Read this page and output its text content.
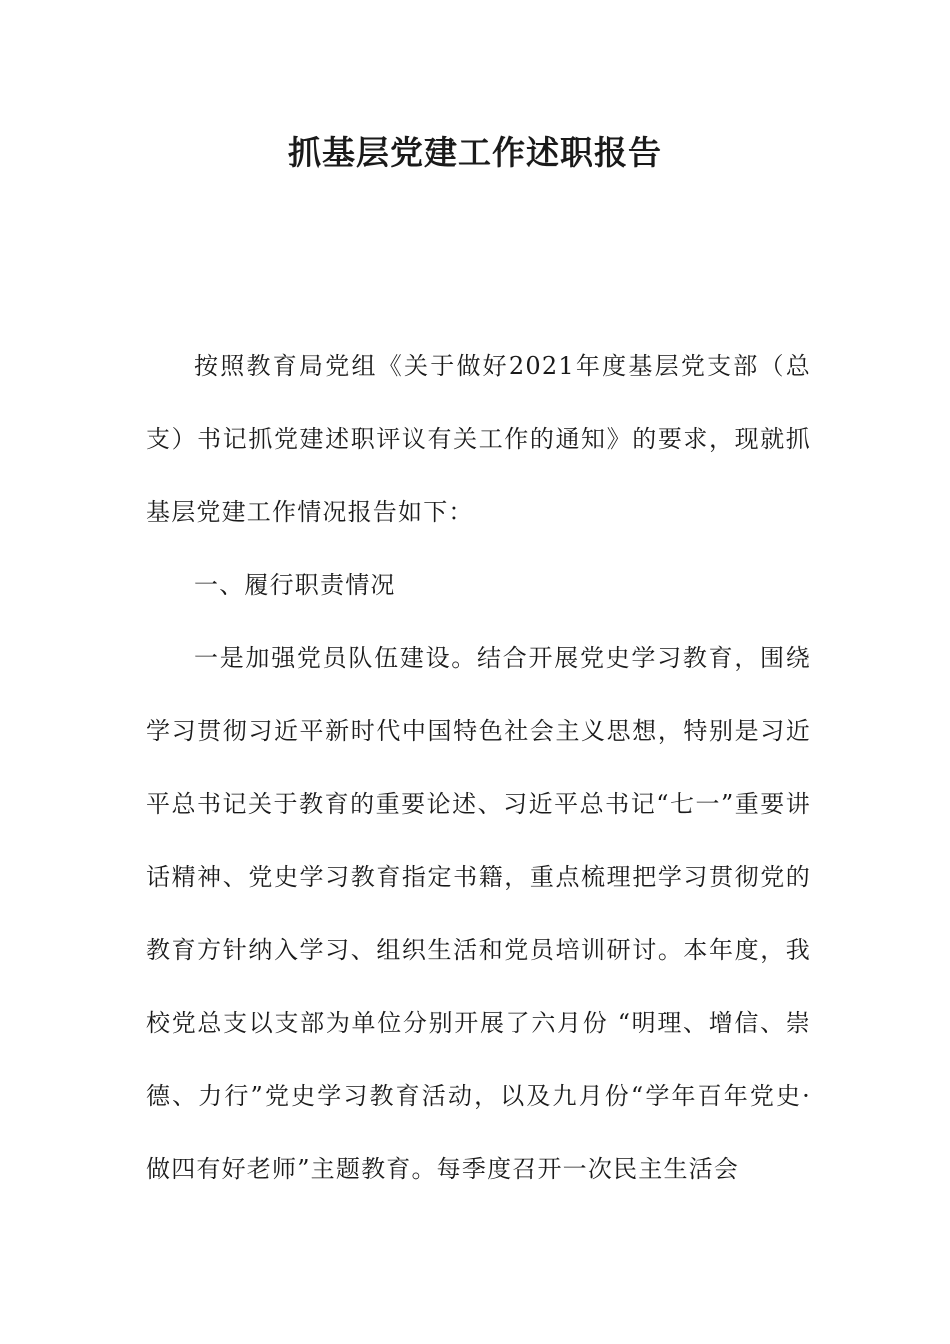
抓基层党建工作述职报告

按照教育局党组《关于做好2021年度基层党支部（总支）书记抓党建述职评议有关工作的通知》的要求，现就抓基层党建工作情况报告如下：

一、履行职责情况

一是加强党员队伍建设。结合开展党史学习教育，围绕学习贯彻习近平新时代中国特色社会主义思想，特别是习近平总书记关于教育的重要论述、习近平总书记“七一”重要讲话精神、党史学习教育指定书籍，重点梳理把学习贯彻党的教育方针纳入学习、组织生活和党员培训研讨。本年度，我校党总支以支部为单位分别开展了六月份 “明理、增信、崇德、力行”党史学习教育活动，以及九月份“学年百年党史·做四有好老师”主题教育。每季度召开一次民主生活会
